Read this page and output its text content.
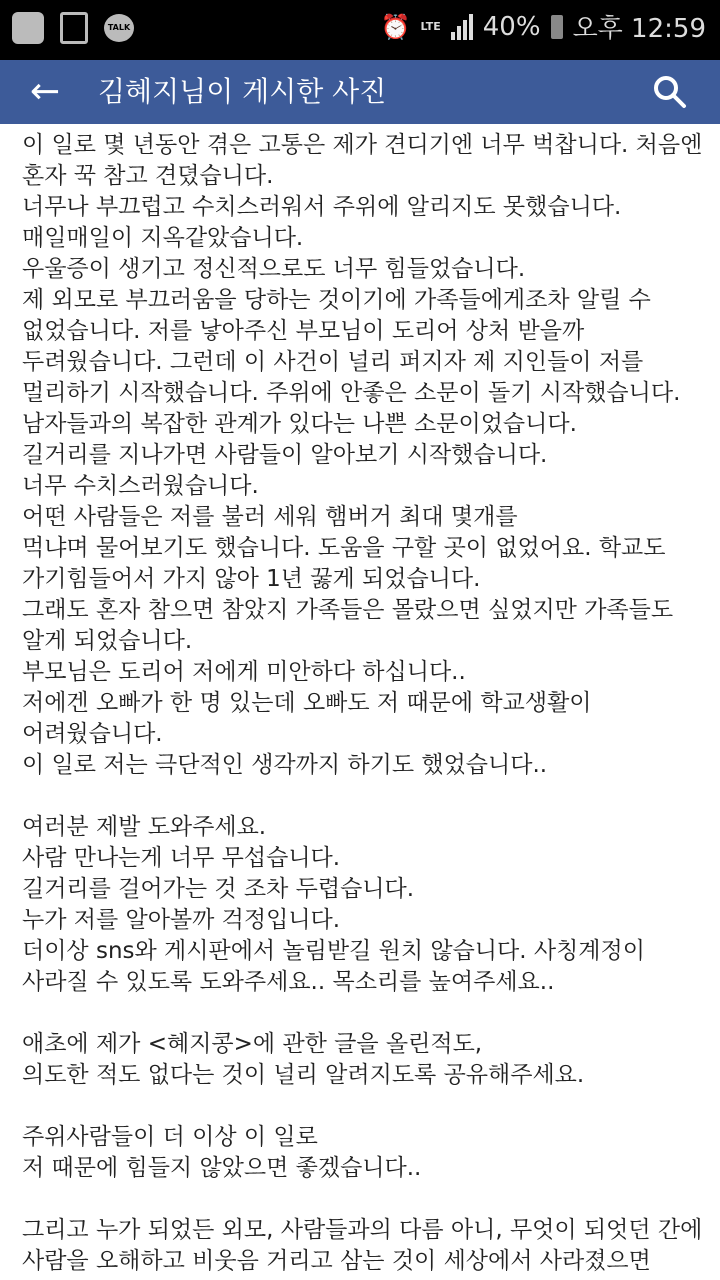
TALK	⏰ LTE 40% 오후 12:59
← 김혜지님이 게시한 사진
이 일로 몇 년동안 겪은 고통은 제가 견디기엔 너무 벅찹니다. 처음엔
혼자 꾹 참고 견뎠습니다.
너무나 부끄럽고 수치스러워서 주위에 알리지도 못했습니다.
매일매일이 지옥같았습니다.
우울증이 생기고 정신적으로도 너무 힘들었습니다.
제 외모로 부끄러움을 당하는 것이기에 가족들에게조차 알릴 수
없었습니다. 저를 낳아주신 부모님이 도리어 상처 받을까
두려웠습니다. 그런데 이 사건이 널리 퍼지자 제 지인들이 저를
멀리하기 시작했습니다. 주위에 안좋은 소문이 돌기 시작했습니다.
남자들과의 복잡한 관계가 있다는 나쁜 소문이었습니다.
길거리를 지나가면 사람들이 알아보기 시작했습니다.
너무 수치스러웠습니다.
어떤 사람들은 저를 불러 세워 햄버거 최대 몇개를
먹냐며 물어보기도 했습니다. 도움을 구할 곳이 없었어요. 학교도
가기힘들어서 가지 않아 1년 꿇게 되었습니다.
그래도 혼자 참으면 참았지 가족들은 몰랐으면 싶었지만 가족들도
알게 되었습니다.
부모님은 도리어 저에게 미안하다 하십니다..
저에겐 오빠가 한 명 있는데 오빠도 저 때문에 학교생활이
어려웠습니다.
이 일로 저는 극단적인 생각까지 하기도 했었습니다..
여러분 제발 도와주세요.
사람 만나는게 너무 무섭습니다.
길거리를 걸어가는 것 조차 두렵습니다.
누가 저를 알아볼까 걱정입니다.
더이상 sns와 게시판에서 놀림받길 원치 않습니다. 사칭계정이
사라질 수 있도록 도와주세요.. 목소리를 높여주세요..
애초에 제가 <혜지콩>에 관한 글을 올린적도,
의도한 적도 없다는 것이 널리 알려지도록 공유해주세요.
주위사람들이 더 이상 이 일로
저 때문에 힘들지 않았으면 좋겠습니다..
그리고 누가 되었든 외모, 사람들과의 다름 아니, 무엇이 되엇던 간에
사람을 오해하고 비웃음 거리고 삼는 것이 세상에서 사라졌으면
